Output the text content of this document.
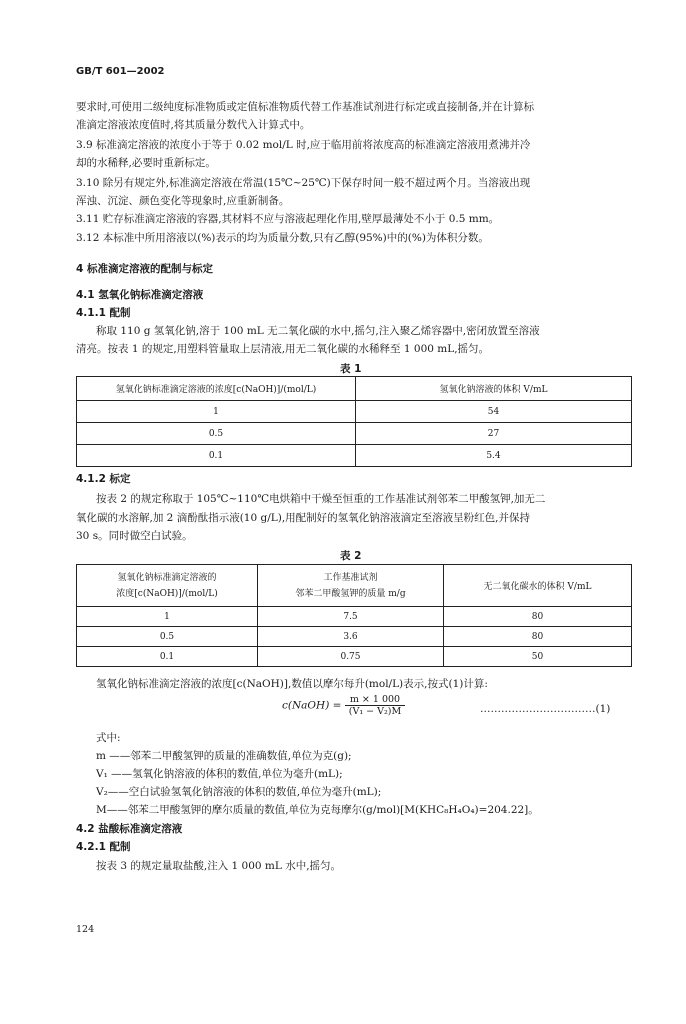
GB/T 601—2002
要求时,可使用二级纯度标准物质或定值标准物质代替工作基准试剂进行标定或直接制备,并在计算标
准滴定溶液浓度值时,将其质量分数代入计算式中。
3.9 标准滴定溶液的浓度小于等于 0.02 mol/L 时,应于临用前将浓度高的标准滴定溶液用煮沸并冷
却的水稀释,必要时重新标定。
3.10 除另有规定外,标准滴定溶液在常温(15℃~25℃)下保存时间一般不超过两个月。当溶液出现
浑浊、沉淀、颜色变化等现象时,应重新制备。
3.11 贮存标准滴定溶液的容器,其材料不应与溶液起理化作用,壁厚最薄处不小于 0.5 mm。
3.12 本标准中所用溶液以(%)表示的均为质量分数,只有乙醇(95%)中的(%)为体积分数。
4 标准滴定溶液的配制与标定
4.1 氢氧化钠标准滴定溶液
4.1.1 配制
称取 110 g 氢氧化钠,溶于 100 mL 无二氧化碳的水中,摇匀,注入聚乙烯容器中,密闭放置至溶液
清亮。按表 1 的规定,用塑料管量取上层清液,用无二氧化碳的水稀释至 1 000 mL,摇匀。
表 1
氢氧化钠标准滴定溶液的浓度[c(NaOH)]/(mol/L)	氢氧化钠溶液的体积 V/mL
1	54
0.5	27
0.1	5.4
4.1.2 标定
按表 2 的规定称取于 105℃~110℃电烘箱中干燥至恒重的工作基准试剂邻苯二甲酸氢钾,加无二
氧化碳的水溶解,加 2 滴酚酞指示液(10 g/L),用配制好的氢氧化钠溶液滴定至溶液呈粉红色,并保持
30 s。同时做空白试验。
表 2
氢氧化钠标准滴定溶液的
浓度[c(NaOH)]/(mol/L)	工作基准试剂
邻苯二甲酸氢钾的质量 m/g	无二氧化碳水的体积 V/mL
1	7.5	80
0.5	3.6	80
0.1	0.75	50
氢氧化钠标准滴定溶液的浓度[c(NaOH)],数值以摩尔每升(mol/L)表示,按式(1)计算:
c(NaOH) = $\frac{m \times 1 000}{\text{(V₁ − V₂)M}}$	……………………………(1)
式中:
m ——邻苯二甲酸氢钾的质量的准确数值,单位为克(g);
V₁ ——氢氧化钠溶液的体积的数值,单位为毫升(mL);
V₂——空白试验氢氧化钠溶液的体积的数值,单位为毫升(mL);
M——邻苯二甲酸氢钾的摩尔质量的数值,单位为克每摩尔(g/mol)[M(KHC₈H₄O₄)=204.22]。
4.2 盐酸标准滴定溶液
4.2.1 配制
按表 3 的规定量取盐酸,注入 1 000 mL 水中,摇匀。
124
